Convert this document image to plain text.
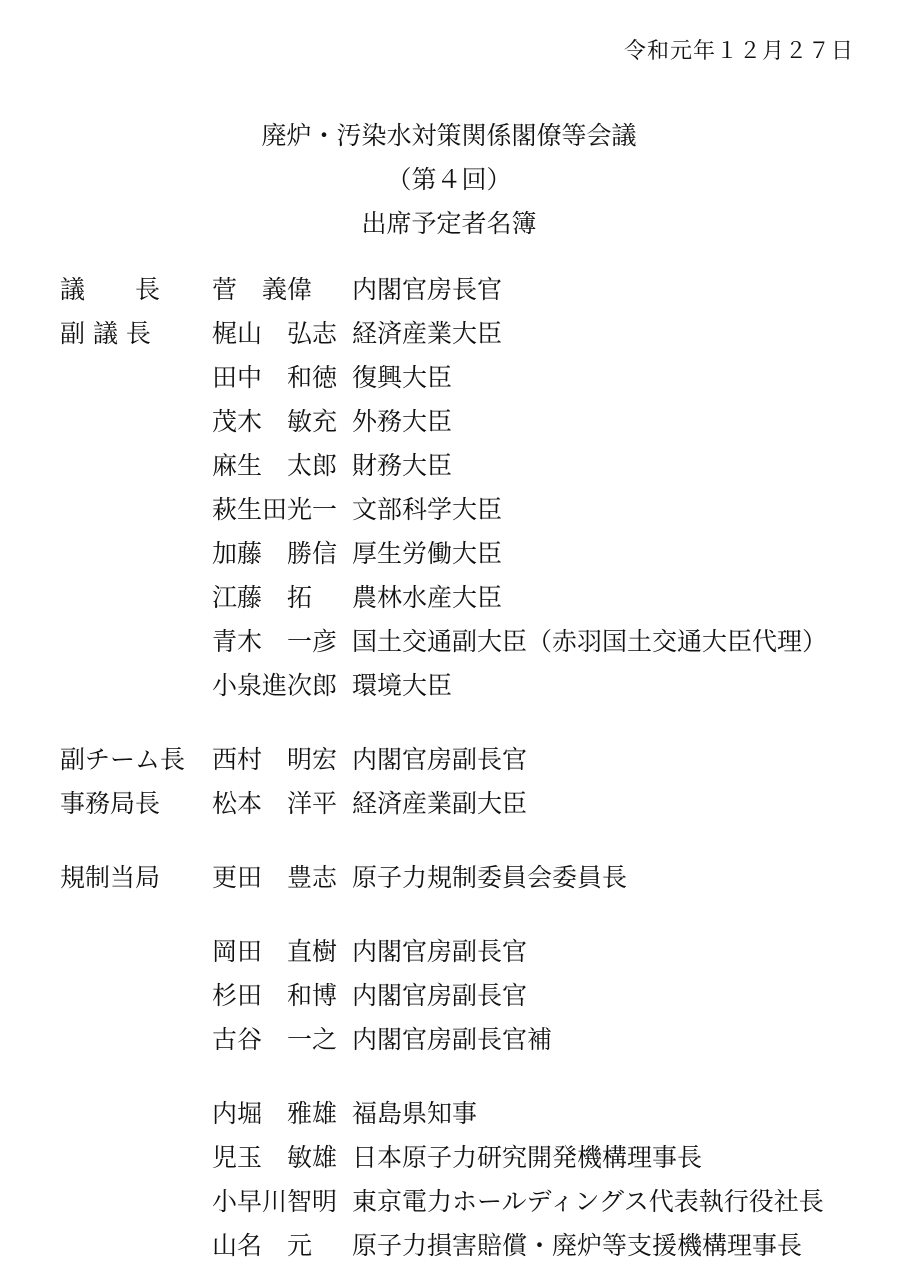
令和元年１２月２７日
廃炉・汚染水対策関係閣僚等会議
（第４回）
出席予定者名簿
議　　長 菅　義偉 内閣官房長官
副 議 長 梶山　弘志 経済産業大臣
田中　和徳 復興大臣
茂木　敏充 外務大臣
麻生　太郎 財務大臣
萩生田光一 文部科学大臣
加藤　勝信 厚生労働大臣
江藤　拓 農林水産大臣
青木　一彦 国土交通副大臣（赤羽国土交通大臣代理）
小泉進次郎 環境大臣
副チーム長 西村　明宏 内閣官房副長官
事務局長 松本　洋平 経済産業副大臣
規制当局 更田　豊志 原子力規制委員会委員長
岡田　直樹 内閣官房副長官
杉田　和博 内閣官房副長官
古谷　一之 内閣官房副長官補
内堀　雅雄 福島県知事
児玉　敏雄 日本原子力研究開発機構理事長
小早川智明 東京電力ホールディングス代表執行役社長
山名　元 原子力損害賠償・廃炉等支援機構理事長
